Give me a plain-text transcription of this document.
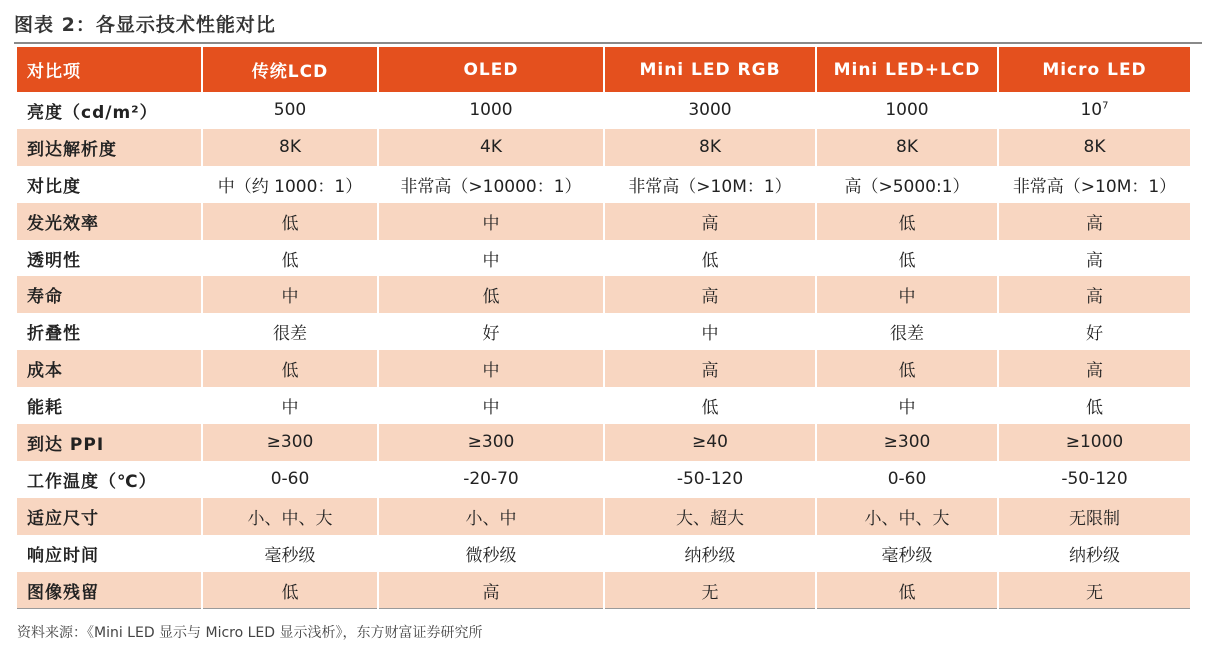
图表 2：各显示技术性能对比
对比项	传统LCD	OLED	Mini LED RGB	Mini LED+LCD	Micro LED
亮度（cd/m²）	500	1000	3000	1000	$10^7$
到达解析度	8K	4K	8K	8K	8K
对比度	中（约 1000：1）	非常高（>10000：1）	非常高（>10M：1）	高（>5000:1）	非常高（>10M：1）
发光效率	低	中	高	低	高
透明性	低	中	低	低	高
寿命	中	低	高	中	高
折叠性	很差	好	中	很差	好
成本	低	中	高	低	高
能耗	中	中	低	中	低
到达 PPI	≥300	≥300	≥40	≥300	≥1000
工作温度（℃）	0-60	-20-70	-50-120	0-60	-50-120
适应尺寸	小、中、大	小、中	大、超大	小、中、大	无限制
响应时间	毫秒级	微秒级	纳秒级	毫秒级	纳秒级
图像残留	低	高	无	低	无
资料来源：《Mini LED 显示与 Micro LED 显示浅析》，东方财富证券研究所
